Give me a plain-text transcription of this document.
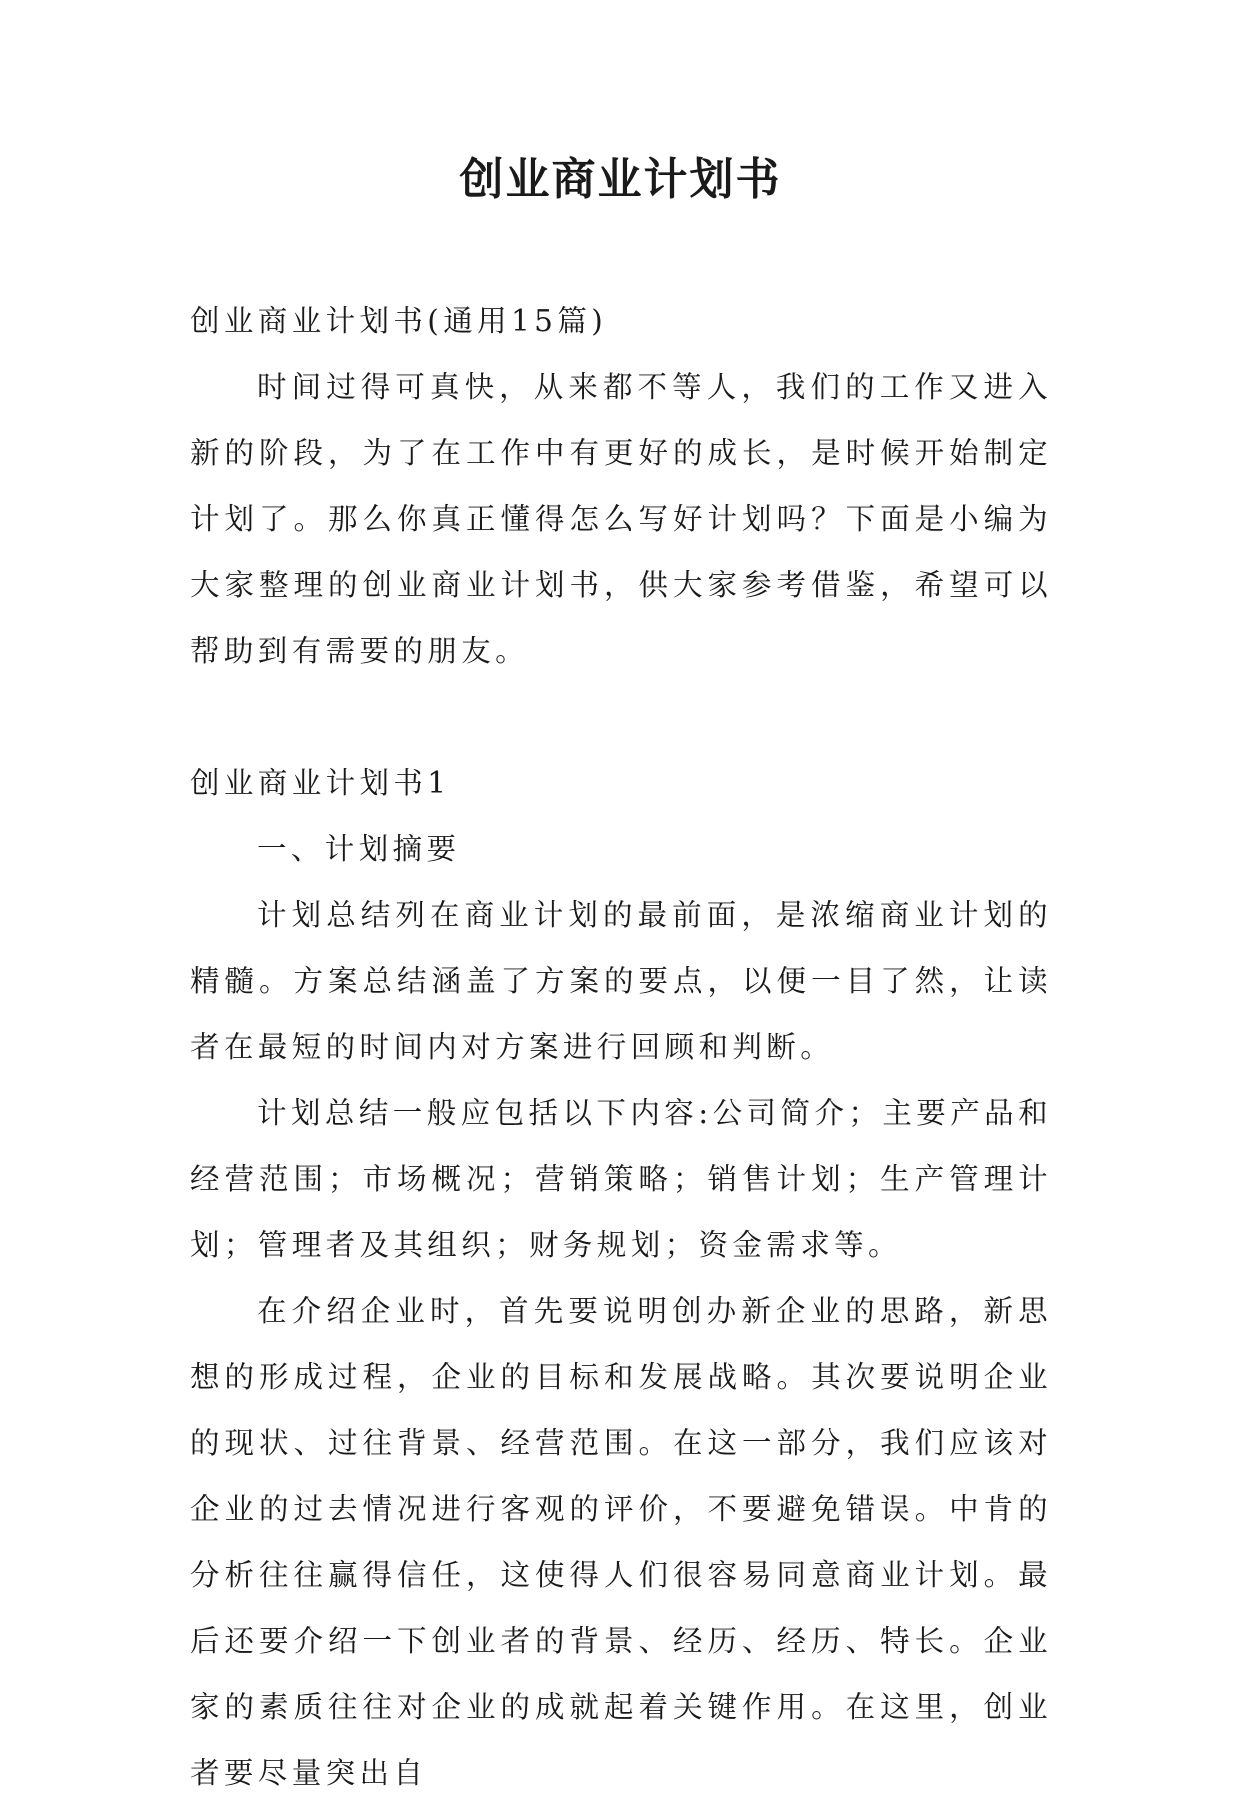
创业商业计划书

创业商业计划书(通用15篇)

时间过得可真快，从来都不等人，我们的工作又进入新的阶段，为了在工作中有更好的成长，是时候开始制定计划了。那么你真正懂得怎么写好计划吗？下面是小编为大家整理的创业商业计划书，供大家参考借鉴，希望可以帮助到有需要的朋友。

创业商业计划书1

一、计划摘要

计划总结列在商业计划的最前面，是浓缩商业计划的精髓。方案总结涵盖了方案的要点，以便一目了然，让读者在最短的时间内对方案进行回顾和判断。

计划总结一般应包括以下内容:公司简介；主要产品和经营范围；市场概况；营销策略；销售计划；生产管理计划；管理者及其组织；财务规划；资金需求等。

在介绍企业时，首先要说明创办新企业的思路，新思想的形成过程，企业的目标和发展战略。其次要说明企业的现状、过往背景、经营范围。在这一部分，我们应该对企业的过去情况进行客观的评价，不要避免错误。中肯的分析往往赢得信任，这使得人们很容易同意商业计划。最后还要介绍一下创业者的背景、经历、经历、特长。企业家的素质往往对企业的成就起着关键作用。在这里，创业者要尽量突出自
